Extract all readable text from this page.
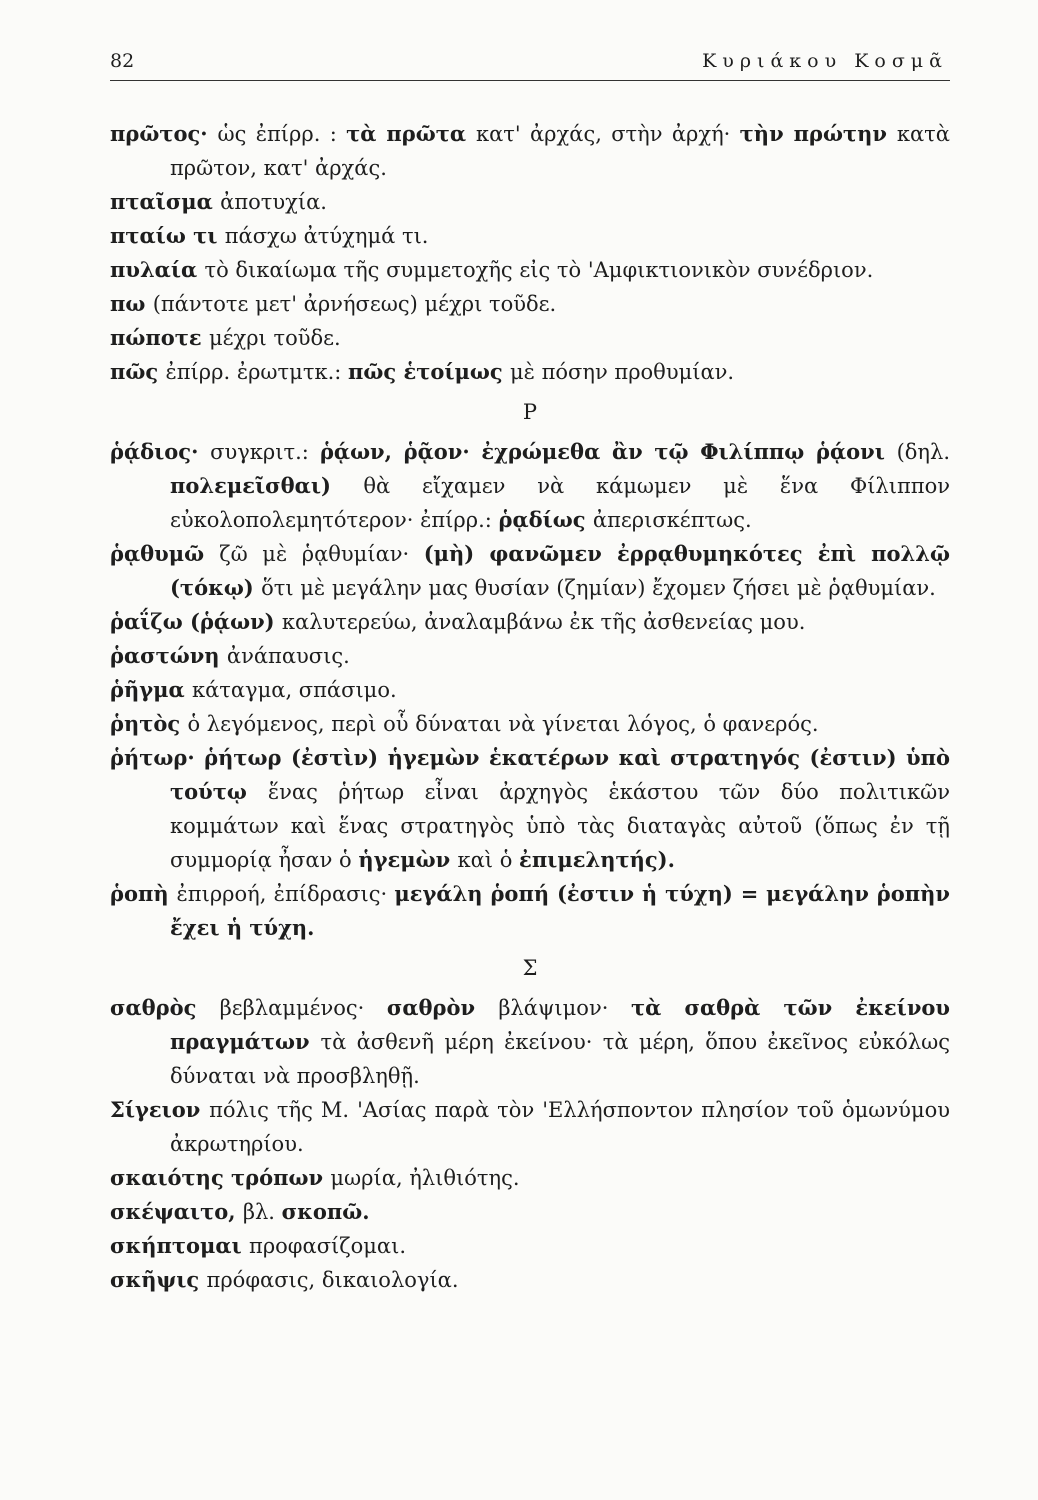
82	Κυριάκου Κοσμᾶ

πρῶτος· ὡς ἐπίρρ. : τὰ πρῶτα κατ' ἀρχάς, στὴν ἀρχή· τὴν πρώτην κατὰ πρῶτον, κατ' ἀρχάς.

πταῖσμα ἀποτυχία.

πταίω τι πάσχω ἀτύχημά τι.

πυλαία τὸ δικαίωμα τῆς συμμετοχῆς εἰς τὸ 'Αμφικτιονικὸν συνέδριον.

πω (πάντοτε μετ' ἀρνήσεως) μέχρι τοῦδε.

πώποτε μέχρι τοῦδε.

πῶς ἐπίρρ. ἐρωτμτκ.: πῶς ἑτοίμως μὲ πόσην προθυμίαν.

Ρ

ῥᾴδιος· συγκριτ.: ῥᾴων, ῥᾷον· ἐχρώμεθα ἂν τῷ Φιλίππῳ ῥᾴονι (δηλ. πολεμεῖσθαι) θὰ εἴχαμεν νὰ κάμωμεν μὲ ἕνα Φίλιππον εὐκολοπολεμητότερον· ἐπίρρ.: ῥᾳδίως ἀπερισκέπτως.

ῥᾳθυμῶ ζῶ μὲ ῥᾳθυμίαν· (μὴ) φανῶμεν ἐρρᾳθυμηκότες ἐπὶ πολλῷ (τόκῳ) ὅτι μὲ μεγάλην μας θυσίαν (ζημίαν) ἔχομεν ζήσει μὲ ῥᾳθυμίαν.

ῥαΐζω (ῥᾴων) καλυτερεύω, ἀναλαμβάνω ἐκ τῆς ἀσθενείας μου.

ῥαστώνη ἀνάπαυσις.

ῥῆγμα κάταγμα, σπάσιμο.

ῥητὸς ὁ λεγόμενος, περὶ οὗ δύναται νὰ γίνεται λόγος, ὁ φανερός.

ῥήτωρ· ῥήτωρ (ἐστὶν) ἡγεμὼν ἑκατέρων καὶ στρατηγός (ἐστιν) ὑπὸ τούτῳ ἕνας ῥήτωρ εἶναι ἀρχηγὸς ἑκάστου τῶν δύο πολιτικῶν κομμάτων καὶ ἕνας στρατηγὸς ὑπὸ τὰς διαταγὰς αὐτοῦ (ὅπως ἐν τῇ συμμορίᾳ ἦσαν ὁ ἡγεμὼν καὶ ὁ ἐπιμελητής).

ῥοπὴ ἐπιρροή, ἐπίδρασις· μεγάλη ῥοπή (ἐστιν ἡ τύχη) = μεγάλην ῥοπὴν ἔχει ἡ τύχη.

Σ

σαθρὸς βεβλαμμένος· σαθρὸν βλάψιμον· τὰ σαθρὰ τῶν ἐκείνου πραγμάτων τὰ ἀσθενῆ μέρη ἐκείνου· τὰ μέρη, ὅπου ἐκεῖνος εὐκόλως δύναται νὰ προσβληθῇ.

Σίγειον πόλις τῆς Μ. 'Ασίας παρὰ τὸν 'Ελλήσποντον πλησίον τοῦ ὁμωνύμου ἀκρωτηρίου.

σκαιότης τρόπων μωρία, ἠλιθιότης.

σκέψαιτο, βλ. σκοπῶ.

σκήπτομαι προφασίζομαι.

σκῆψις πρόφασις, δικαιολογία.
